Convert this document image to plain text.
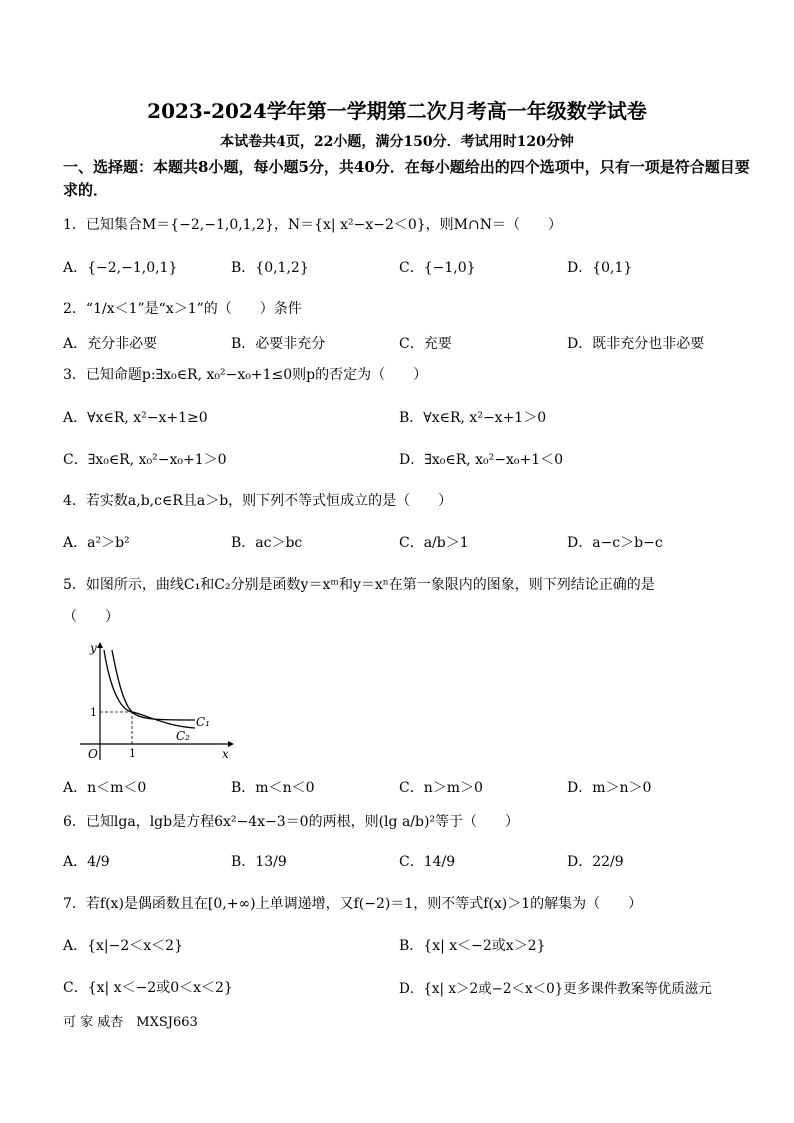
2023-2024学年第一学期第二次月考高一年级数学试卷
本试卷共4页，22小题，满分150分．考试用时120分钟
一、选择题：本题共8小题，每小题5分，共40分．在每小题给出的四个选项中，只有一项是符合题目要求的．
1．已知集合M＝{−2,−1,0,1,2}，N＝{x| x²−x−2＜0}，则M∩N＝（　　）
A．{−2,−1,0,1}	B．{0,1,2}	C．{−1,0}	D．{0,1}
2．“1/x＜1”是“x＞1”的（　　）条件
A．充分非必要	B．必要非充分	C．充要	D．既非充分也非必要
3．已知命题p:∃x₀∈R, x₀²−x₀+1≤0则p的否定为（　　）
A．∀x∈R, x²−x+1≥0	B．∀x∈R, x²−x+1＞0
C．∃x₀∈R, x₀²−x₀+1＞0	D．∃x₀∈R, x₀²−x₀+1＜0
4．若实数a,b,c∈R且a＞b，则下列不等式恒成立的是（　　）
A．a²＞b²	B．ac＞bc	C．a/b＞1	D．a−c＞b−c
5．如图所示，曲线C₁和C₂分别是函数y＝xᵐ和y＝xⁿ在第一象限内的图象，则下列结论正确的是
（　　）
y
x
O	1
1
C₁
C₂
A．n＜m＜0	B．m＜n＜0	C．n＞m＞0	D．m＞n＞0
6．已知lga，lgb是方程6x²−4x−3＝0的两根，则(lg a/b)²等于（　　）
A．4/9	B．13/9	C．14/9	D．22/9
7．若f(x)是偶函数且在[0,+∞)上单调递增，又f(−2)＝1，则不等式f(x)＞1的解集为（　　）
A．{x|−2＜x＜2}	B．{x| x＜−2或x＞2}
C．{x| x＜−2或0＜x＜2}	D．{x| x＞2或−2＜x＜0}更多课件教案等优质滋元
可 家 威杏　MXSJ663
